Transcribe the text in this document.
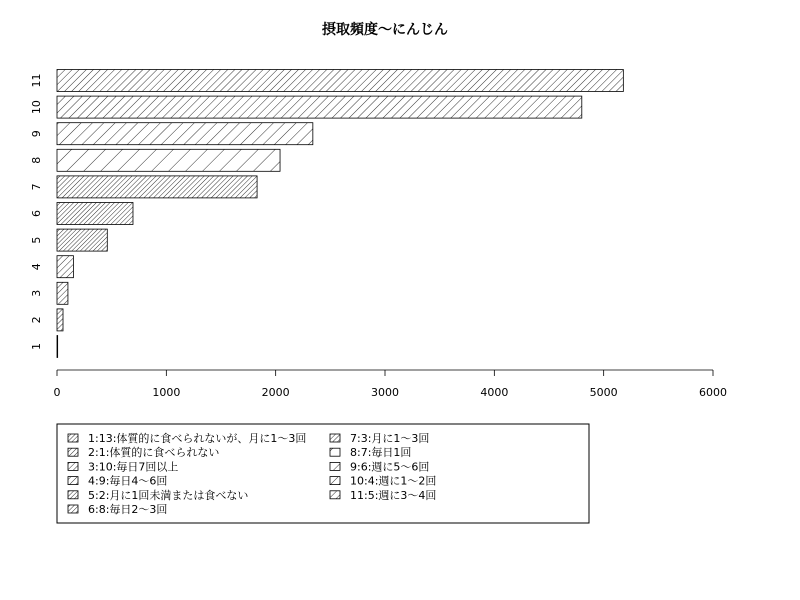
摂取頻度〜にんじん
1
2
3
4
5
6
7
8
9
10
11
0	1000	2000	3000	4000	5000	6000
1:13:体質的に食べられないが、月に1〜3回
2:1:体質的に食べられない
3:10:毎日7回以上
4:9:毎日4〜6回
5:2:月に1回未満または食べない
6:8:毎日2〜3回
7:3:月に1〜3回
8:7:毎日1回
9:6:週に5〜6回
10:4:週に1〜2回
11:5:週に3〜4回
